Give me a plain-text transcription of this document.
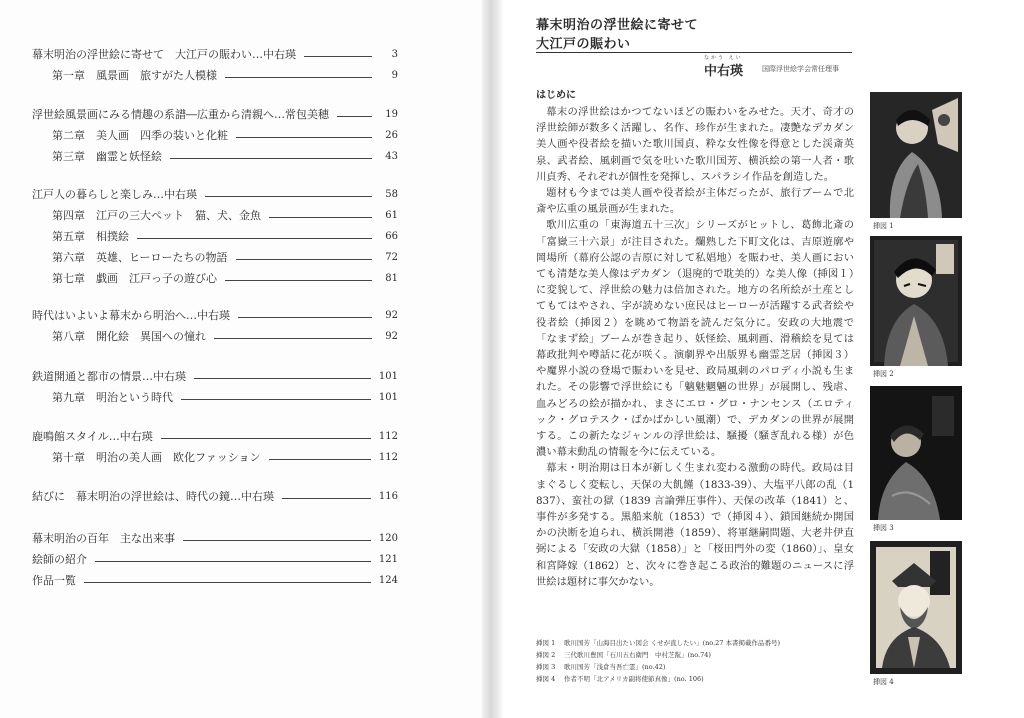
幕末明治の浮世絵に寄せて　大江戸の賑わい…中右瑛	3
第一章　風景画　旅すがた人模様	9
浮世絵風景画にみる情趣の系譜―広重から清親へ…常包美穂	19
第二章　美人画　四季の装いと化粧	26
第三章　幽霊と妖怪絵	43
江戸人の暮らしと楽しみ…中右瑛	58
第四章　江戸の三大ペット　猫、犬、金魚	61
第五章　相撲絵	66
第六章　英雄、ヒーローたちの物語	72
第七章　戯画　江戸っ子の遊び心	81
時代はいよいよ幕末から明治へ…中右瑛	92
第八章　開化絵　異国への憧れ	92
鉄道開通と都市の情景…中右瑛	101
第九章　明治という時代	101
鹿鳴館スタイル…中右瑛	112
第十章　明治の美人画　欧化ファッション	112
結びに　幕末明治の浮世絵は、時代の鏡…中右瑛	116
幕末明治の百年　主な出来事	120
絵師の紹介	121
作品一覧	124
幕末明治の浮世絵に寄せて
大江戸の賑わい
なかう えい
中右瑛	国際浮世絵学会常任理事
はじめに

幕末の浮世絵はかつてないほどの賑わいをみせた。天才、奇才の浮世絵師が数多く活躍し、名作、珍作が生まれた。凄艶なデカダン美人画や役者絵を描いた歌川国貞、粋な女性像を得意とした渓斎英泉、武者絵、風刺画で気を吐いた歌川国芳、横浜絵の第一人者・歌川貞秀、それぞれが個性を発揮し、スパラシイ作品を創造した。

題材も今までは美人画や役者絵が主体だったが、旅行ブームで北斎や広重の風景画が生まれた。

歌川広重の「東海道五十三次」シリーズがヒットし、葛飾北斎の「富嶽三十六景」が注目された。爛熟した下町文化は、吉原遊廓や岡場所（幕府公認の吉原に対して私娼地）を賑わせ、美人画においても清楚な美人像はデカダン（退廃的で耽美的）な美人像（挿図１）に変貌して、浮世絵の魅力は倍加された。地方の名所絵が土産としてもてはやされ、字が読めない庶民はヒーローが活躍する武者絵や役者絵（挿図２）を眺めて物語を読んだ気分に。安政の大地震で「なまず絵」ブームが巻き起り、妖怪絵、風刺画、滑稽絵を見ては幕政批判や噂話に花が咲く。演劇界や出版界も幽霊芝居（挿図３）や魔界小説の登場で賑わいを見せ、政局風刺のパロディ小説も生まれた。その影響で浮世絵にも「魑魅魍魎の世界」が展開し、残虐、血みどろの絵が描かれ、まさにエロ・グロ・ナンセンス（エロティック・グロテスク・ばかばかしい風潮）で、デカダンの世界が展開する。この新たなジャンルの浮世絵は、騒擾（騒ぎ乱れる様）が色濃い幕末動乱の情報を今に伝えている。

幕末・明治期は日本が新しく生まれ変わる激動の時代。政局は目まぐるしく変転し、天保の大飢饉（1833-39）、大塩平八郎の乱（1837）、蛮社の獄（1839 言論弾圧事件）、天保の改革（1841）と、事件が多発する。黒船来航（1853）で（挿図４）、鎖国継続か開国かの決断を迫られ、横浜開港（1859）、将軍継嗣問題、大老井伊直弼による「安政の大獄（1858）」と「桜田門外の変（1860）」、皇女和宮降嫁（1862）と、次々に巻き起こる政治的難題のニュースに浮世絵は題材に事欠かない。

挿図 1
挿図 2
挿図 3
挿図 4
挿図 1 歌川国芳「山海目出たい図会 くせが直したい」(no.27 本書掲載作品番号)
挿図 2 三代歌川豊国「石川五右衛門　中村芝翫」(no.74)
挿図 3 歌川国芳「浅倉当吾亡霊」(no.42)
挿図 4 作者不明「北アメリカ副将使節真像」(no. 106)
